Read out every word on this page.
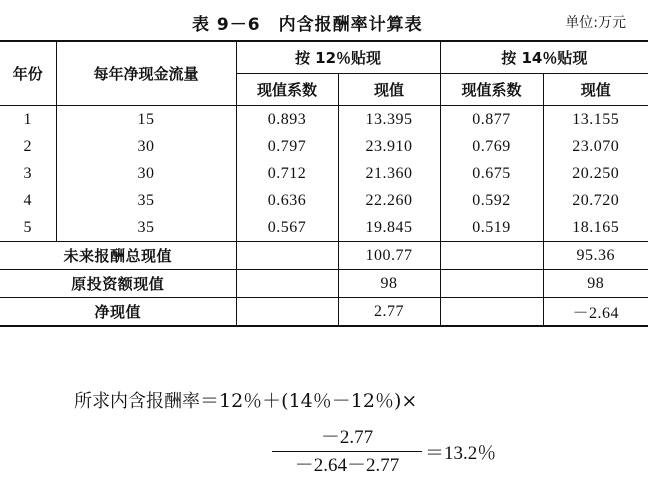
表 9－6　内含报酬率计算表	单位:万元
年份	每年净现金流量	按 12％贴现		按 14％贴现	
		现值系数	现值	现值系数	现值
1	15	0.893	13.395	0.877	13.155
2	30	0.797	23.910	0.769	23.070
3	30	0.712	21.360	0.675	20.250
4	35	0.636	22.260	0.592	20.720
5	35	0.567	19.845	0.519	18.165
未来报酬总现值			100.77		95.36
原投资额现值			98		98
净现值			2.77		－2.64
所求内含报酬率＝12％＋(14％－12％)×
－2.77
－2.64－2.77
＝13.2％
